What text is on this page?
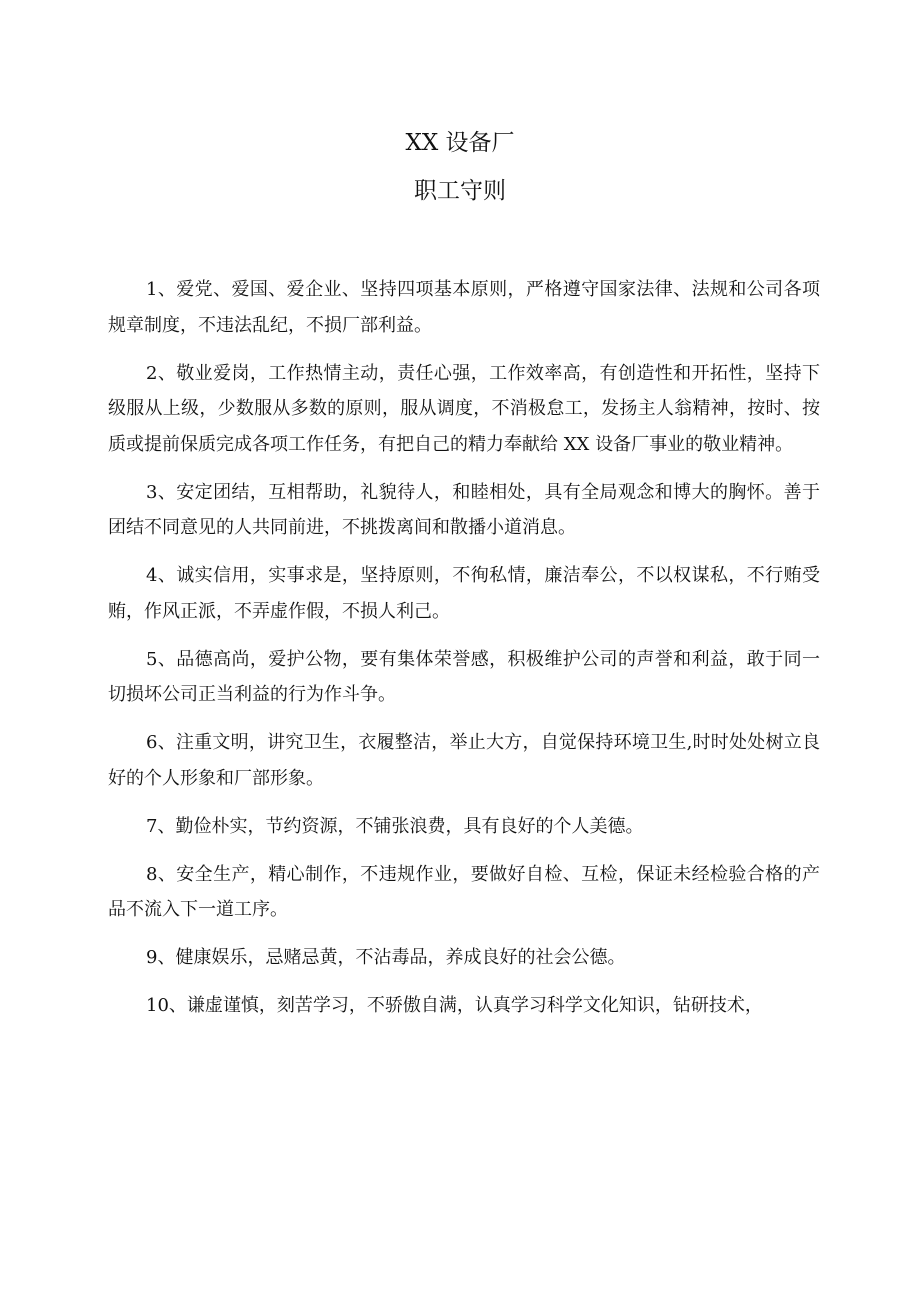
XX 设备厂
职工守则

1、爱党、爱国、爱企业、坚持四项基本原则，严格遵守国家法律、法规和公司各项规章制度，不违法乱纪，不损厂部利益。

2、敬业爱岗，工作热情主动，责任心强，工作效率高，有创造性和开拓性，坚持下级服从上级，少数服从多数的原则，服从调度，不消极怠工，发扬主人翁精神，按时、按质或提前保质完成各项工作任务，有把自己的精力奉献给 XX 设备厂事业的敬业精神。

3、安定团结，互相帮助，礼貌待人，和睦相处，具有全局观念和博大的胸怀。善于团结不同意见的人共同前进，不挑拨离间和散播小道消息。

4、诚实信用，实事求是，坚持原则，不徇私情，廉洁奉公，不以权谋私，不行贿受贿，作风正派，不弄虚作假，不损人利己。

5、品德高尚，爱护公物，要有集体荣誉感，积极维护公司的声誉和利益，敢于同一切损坏公司正当利益的行为作斗争。

6、注重文明，讲究卫生，衣履整洁，举止大方，自觉保持环境卫生,时时处处树立良好的个人形象和厂部形象。

7、勤俭朴实，节约资源，不铺张浪费，具有良好的个人美德。

8、安全生产，精心制作，不违规作业，要做好自检、互检，保证未经检验合格的产品不流入下一道工序。

9、健康娱乐，忌赌忌黄，不沾毒品，养成良好的社会公德。

10、谦虚谨慎，刻苦学习，不骄傲自满，认真学习科学文化知识，钻研技术，
